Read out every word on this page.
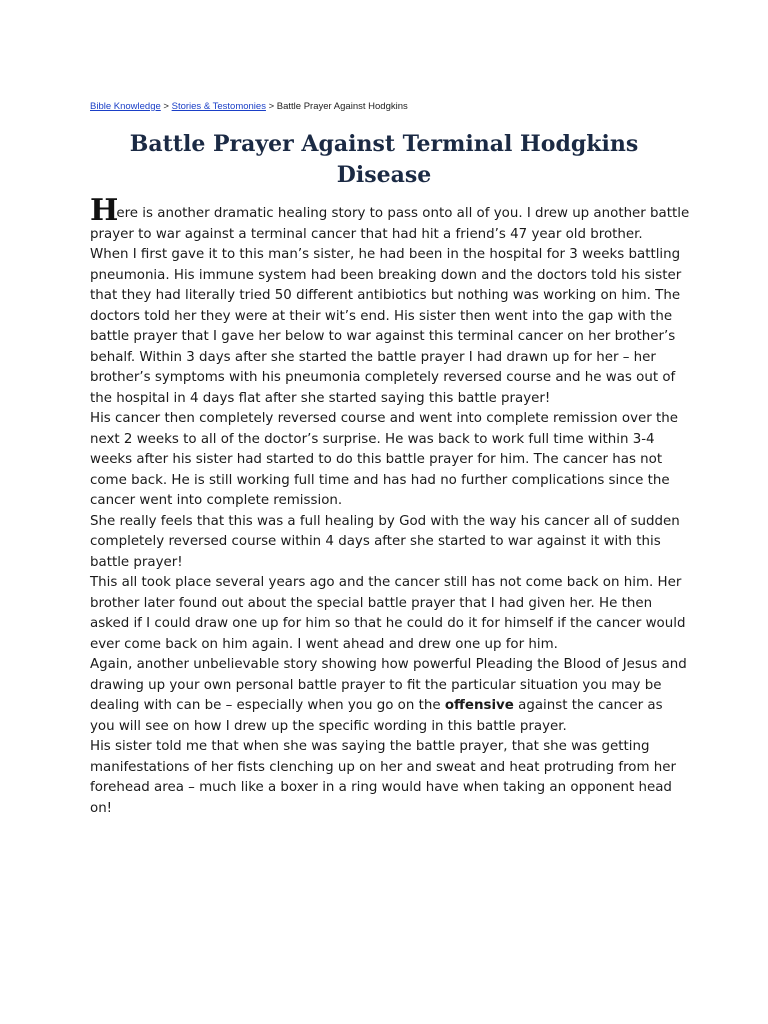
Bible Knowledge > Stories & Testomonies > Battle Prayer Against Hodgkins
Battle Prayer Against Terminal Hodgkins Disease

Here is another dramatic healing story to pass onto all of you. I drew up another battle prayer to war against a terminal cancer that had hit a friend’s 47 year old brother.

When I first gave it to this man’s sister, he had been in the hospital for 3 weeks battling pneumonia. His immune system had been breaking down and the doctors told his sister that they had literally tried 50 different antibiotics but nothing was working on him. The doctors told her they were at their wit’s end. His sister then went into the gap with the battle prayer that I gave her below to war against this terminal cancer on her brother’s behalf. Within 3 days after she started the battle prayer I had drawn up for her – her brother’s symptoms with his pneumonia completely reversed course and he was out of the hospital in 4 days flat after she started saying this battle prayer!

His cancer then completely reversed course and went into complete remission over the next 2 weeks to all of the doctor’s surprise. He was back to work full time within 3-4 weeks after his sister had started to do this battle prayer for him. The cancer has not come back. He is still working full time and has had no further complications since the cancer went into complete remission.

She really feels that this was a full healing by God with the way his cancer all of sudden completely reversed course within 4 days after she started to war against it with this battle prayer!

This all took place several years ago and the cancer still has not come back on him. Her brother later found out about the special battle prayer that I had given her. He then asked if I could draw one up for him so that he could do it for himself if the cancer would ever come back on him again. I went ahead and drew one up for him.

Again, another unbelievable story showing how powerful Pleading the Blood of Jesus and drawing up your own personal battle prayer to fit the particular situation you may be dealing with can be – especially when you go on the offensive against the cancer as you will see on how I drew up the specific wording in this battle prayer.

His sister told me that when she was saying the battle prayer, that she was getting manifestations of her fists clenching up on her and sweat and heat protruding from her forehead area – much like a boxer in a ring would have when taking an opponent head on!
